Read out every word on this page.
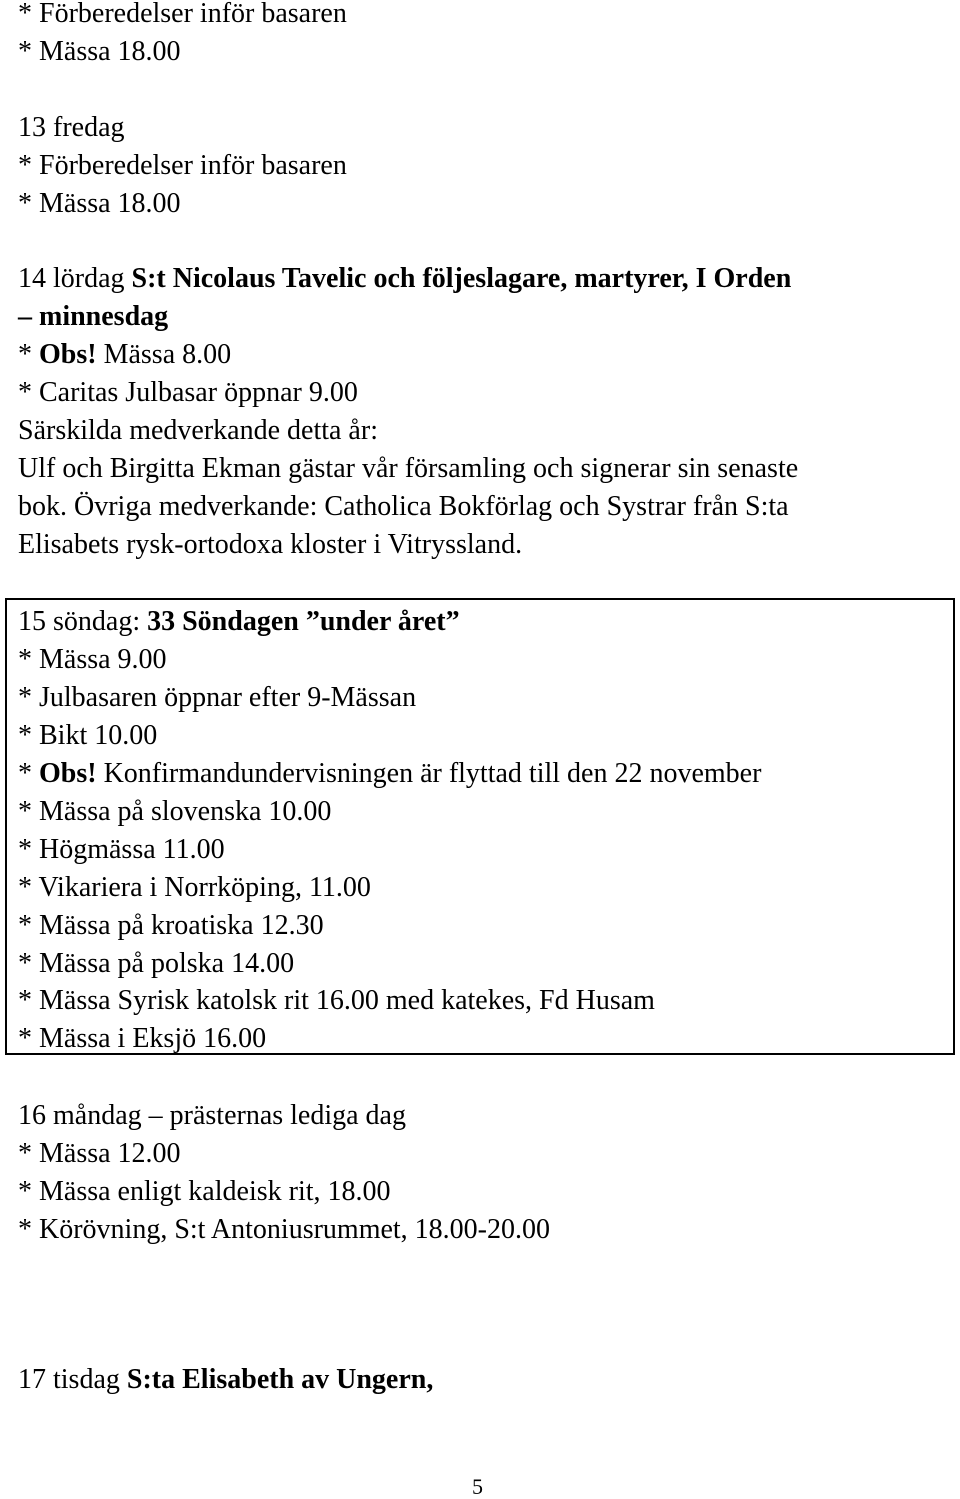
* Förberedelser inför basaren
* Mässa 18.00
13 fredag
* Förberedelser inför basaren
* Mässa 18.00
14 lördag S:t Nicolaus Tavelic och följeslagare, martyrer, I Orden
– minnesdag
* Obs! Mässa 8.00
* Caritas Julbasar öppnar 9.00
Särskilda medverkande detta år:
Ulf och Birgitta Ekman gästar vår församling och signerar sin senaste
bok. Övriga medverkande: Catholica Bokförlag och Systrar från S:ta
Elisabets rysk-ortodoxa kloster i Vitryssland.
15 söndag: 33 Söndagen ”under året”
* Mässa 9.00
* Julbasaren öppnar efter 9-Mässan
* Bikt 10.00
* Obs! Konfirmandundervisningen är flyttad till den 22 november
* Mässa på slovenska 10.00
* Högmässa 11.00
* Vikariera i Norrköping, 11.00
* Mässa på kroatiska 12.30
* Mässa på polska 14.00
* Mässa Syrisk katolsk rit 16.00 med katekes, Fd Husam
* Mässa i Eksjö 16.00
16 måndag – prästernas lediga dag
* Mässa 12.00
* Mässa enligt kaldeisk rit, 18.00
* Körövning, S:t Antoniusrummet, 18.00-20.00
17 tisdag S:ta Elisabeth av Ungern,
5
